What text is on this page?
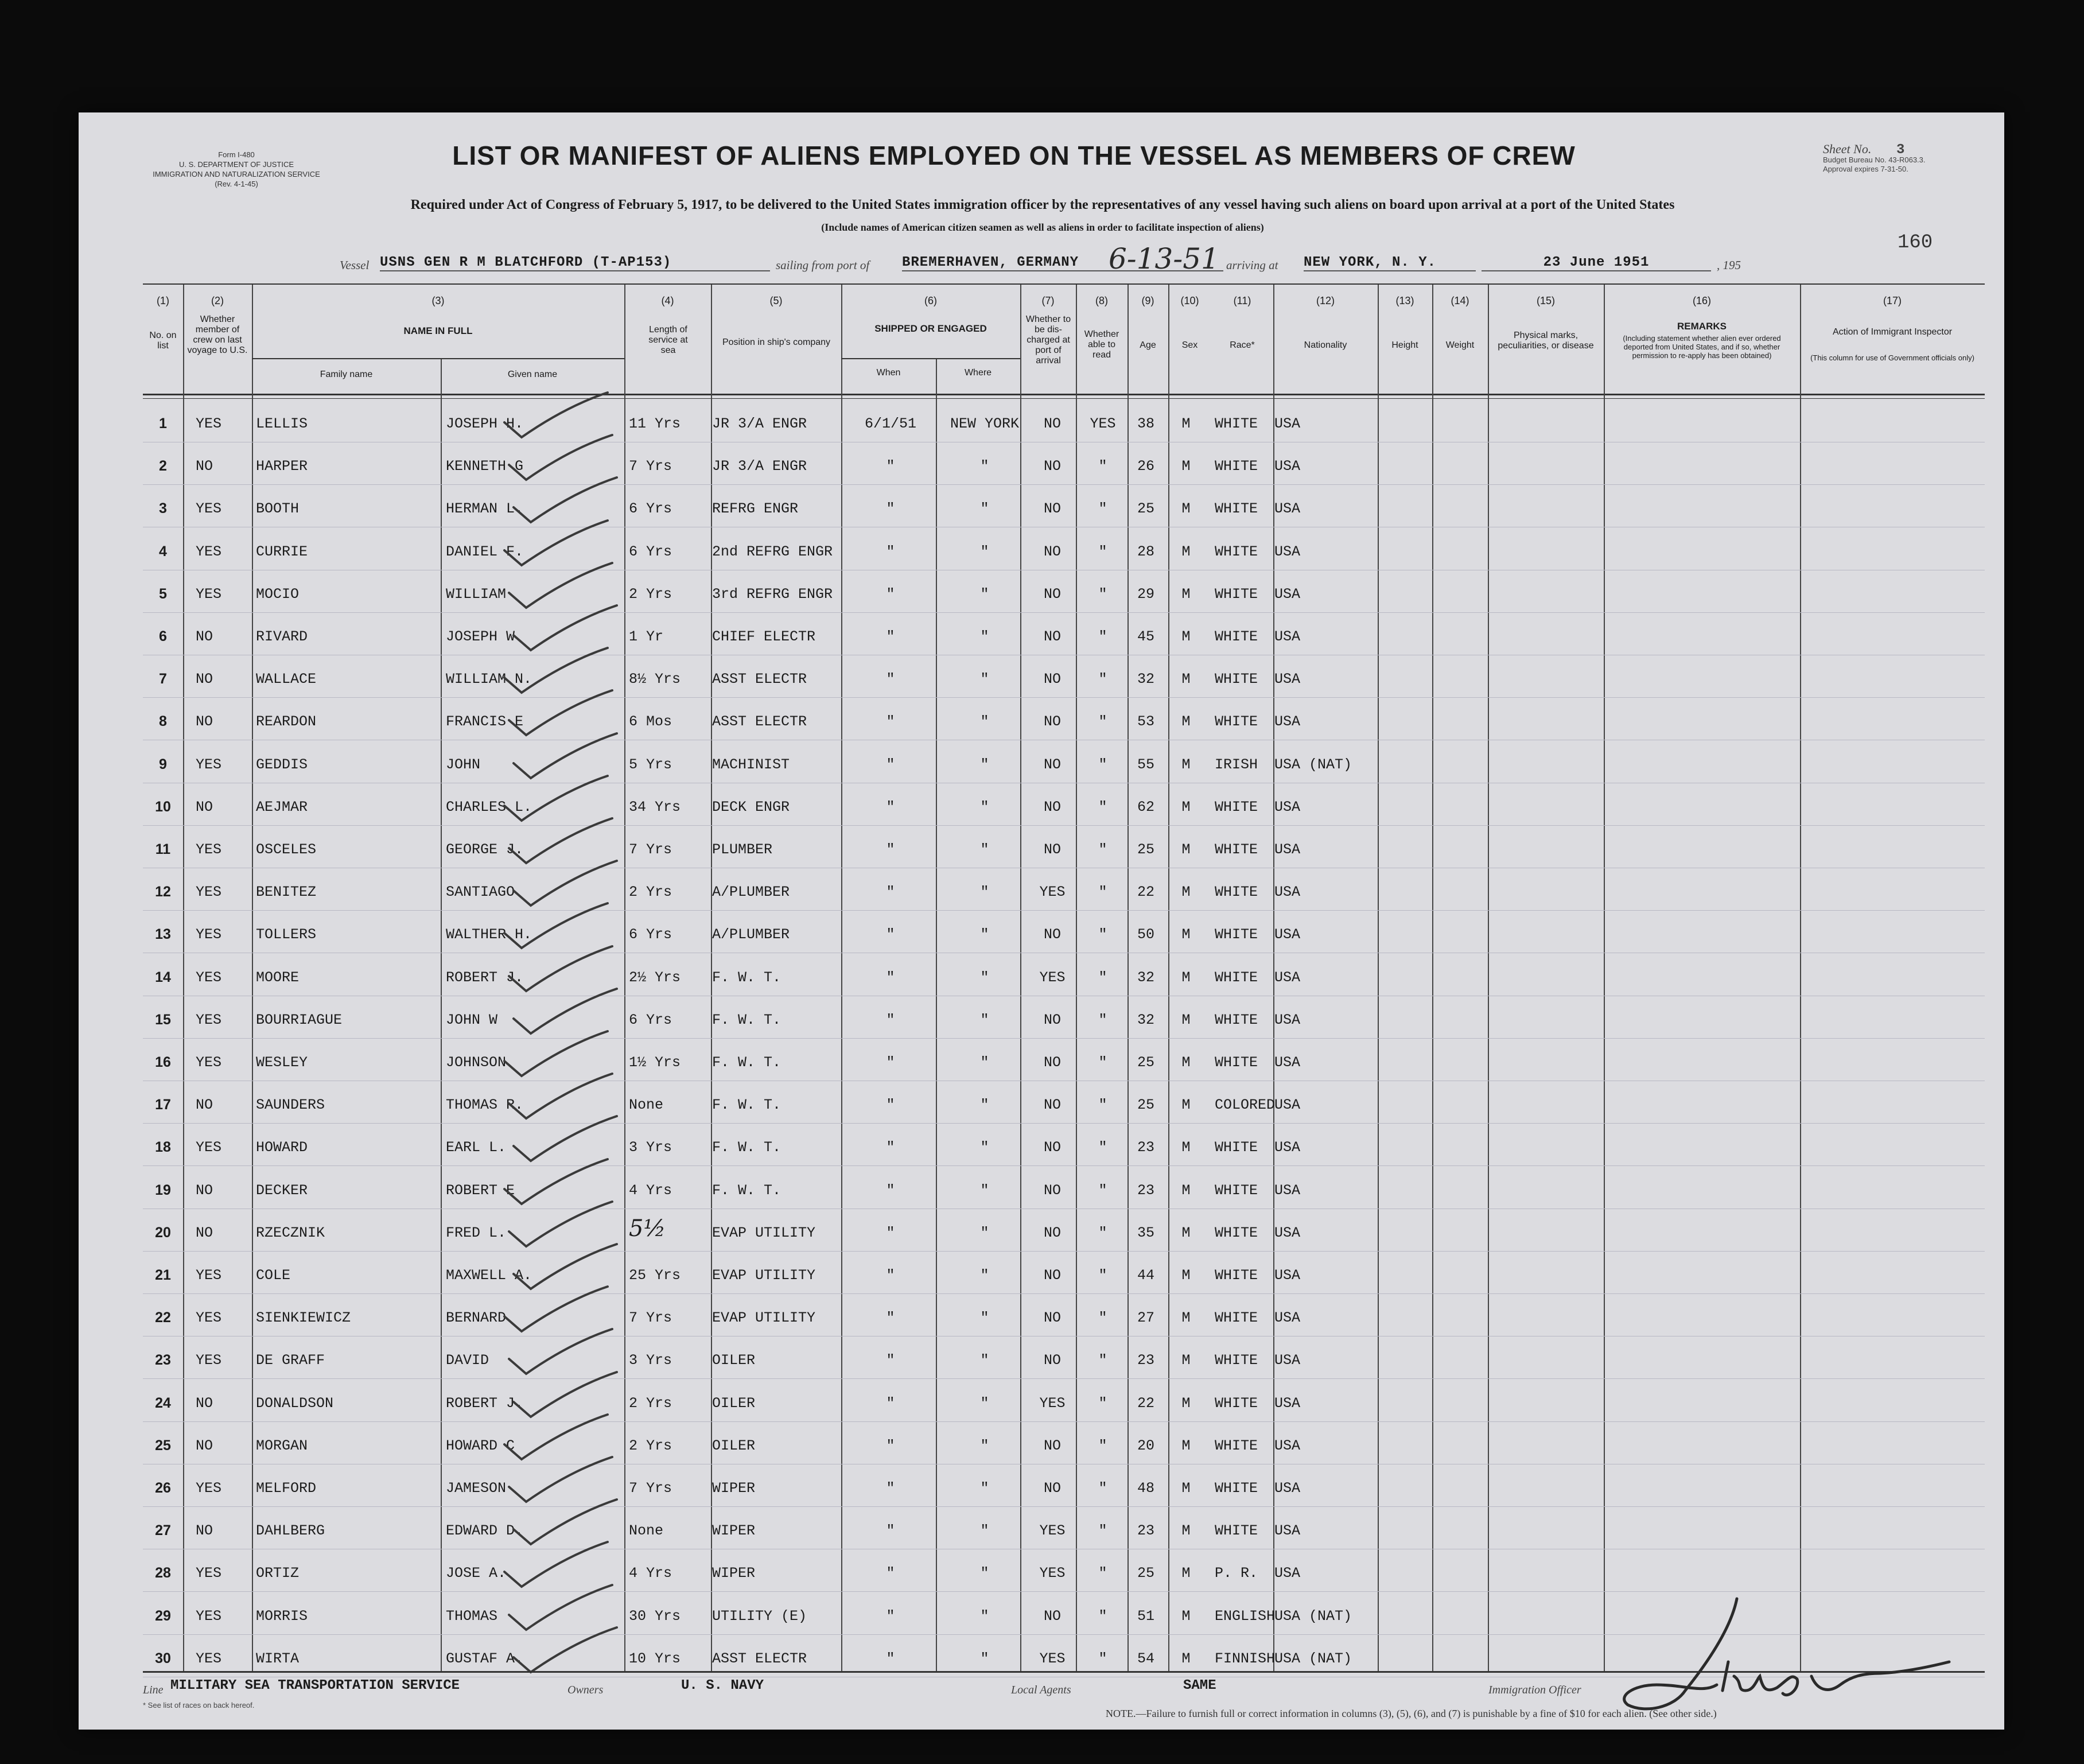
Form I-480
U. S. DEPARTMENT OF JUSTICE
IMMIGRATION AND NATURALIZATION SERVICE
(Rev. 4-1-45)
Sheet No. 3
Budget Bureau No. 43-R063.3.
Approval expires 7-31-50.
LIST OR MANIFEST OF ALIENS EMPLOYED ON THE VESSEL AS MEMBERS OF CREW
Required under Act of Congress of February 5, 1917, to be delivered to the United States immigration officer by the representatives of any vessel having such aliens on board upon arrival at a port of the United States
(Include names of American citizen seamen as well as aliens in order to facilitate inspection of aliens)
160
Vessel USNS GEN R M BLATCHFORD (T-AP153)	sailing from port of BREMERHAVEN, GERMANY	6-13-51 arriving at NEW YORK, N. Y.	23 June 1951	, 195
(1)	(2)	(3)	(4)	(5)	(6)	(7)	(8)	(9)	(10)	(11)	(12)	(13)	(14)	(15)	(16)	(17)
No. on list
Whether member of crew on last voyage to U.S.
NAME IN FULL
Family name	Given name
Length of service at sea
Position in ship's company
SHIPPED OR ENGAGED
When	Where
Whether to be dis-charged at port of arrival
Whether able to read
Age	Sex	Race*	Nationality	Height	Weight
Physical marks, peculiarities, or disease
REMARKS
(Including statement whether alien ever ordered deported from United States, and if so, whether permission to re-apply has been obtained)
Action of Immigrant Inspector
(This column for use of Government officials only)
1	YES LELLIS	JOSEPH H.	11 Yrs JR 3/A ENGR	6/1/51	NEW YORK	NO	YES	38	M	WHITE USA
2	NO	HARPER	KENNETH G	7 Yrs	JR 3/A ENGR	"	"	NO	"	26	M	WHITE USA
3	YES BOOTH	HERMAN L.	6 Yrs	REFRG ENGR	"	"	NO	"	25	M	WHITE USA
4	YES CURRIE	DANIEL F.	6 Yrs	2nd REFRG ENGR	"	"	NO	"	28	M	WHITE USA
5	YES MOCIO	WILLIAM	2 Yrs	3rd REFRG ENGR	"	"	NO	"	29	M	WHITE USA
6	NO	RIVARD	JOSEPH W	1 Yr	CHIEF ELECTR	"	"	NO	"	45	M	WHITE USA
7	NO	WALLACE	WILLIAM N.	8½ Yrs ASST ELECTR	"	"	NO	"	32	M	WHITE USA
8	NO	REARDON	FRANCIS E	6 Mos	ASST ELECTR	"	"	NO	"	53	M	WHITE USA
9	YES GEDDIS	JOHN	5 Yrs	MACHINIST	"	"	NO	"	55	M	IRISH USA (NAT)
10	NO	AEJMAR	CHARLES L.	34 Yrs DECK ENGR	"	"	NO	"	62	M	WHITE USA
11	YES OSCELES	GEORGE J.	7 Yrs	PLUMBER	"	"	NO	"	25	M	WHITE USA
12	YES BENITEZ	SANTIAGO	2 Yrs	A/PLUMBER	"	"	YES	"	22	M	WHITE USA
13	YES TOLLERS	WALTHER H.	6 Yrs	A/PLUMBER	"	"	NO	"	50	M	WHITE USA
14	YES MOORE	ROBERT J.	2½ Yrs F. W. T.	"	"	YES	"	32	M	WHITE USA
15	YES BOURRIAGUE	JOHN W	6 Yrs	F. W. T.	"	"	NO	"	32	M	WHITE USA
16	YES WESLEY	JOHNSON	1½ Yrs F. W. T.	"	"	NO	"	25	M	WHITE USA
17	NO	SAUNDERS	THOMAS R.	None	F. W. T.	"	"	NO	"	25	M	COLORED
USA
18	YES HOWARD	EARL L.	3 Yrs	F. W. T.	"	"	NO	"	23	M	WHITE USA
19	NO	DECKER	ROBERT E	4 Yrs	F. W. T.	"	"	NO	"	23	M	WHITE USA
20	NO	RZECZNIK	FRED L.	5½	EVAP UTILITY	"	"	NO	"	35	M	WHITE USA
21	YES COLE	MAXWELL A.	25 Yrs EVAP UTILITY	"	"	NO	"	44	M	WHITE USA
22	YES SIENKIEWICZ	BERNARD	7 Yrs	EVAP UTILITY	"	"	NO	"	27	M	WHITE USA
23	YES DE GRAFF	DAVID	3 Yrs	OILER	"	"	NO	"	23	M	WHITE USA
24	NO	DONALDSON	ROBERT J.	2 Yrs	OILER	"	"	YES	"	22	M	WHITE USA
25	NO	MORGAN	HOWARD C	2 Yrs	OILER	"	"	NO	"	20	M	WHITE USA
26	YES MELFORD	JAMESON	7 Yrs	WIPER	"	"	NO	"	48	M	WHITE USA
27	NO	DAHLBERG	EDWARD D.	None	WIPER	"	"	YES	"	23	M	WHITE USA
28	YES ORTIZ	JOSE A.	4 Yrs	WIPER	"	"	YES	"	25	M	P. R. USA
29	YES MORRIS	THOMAS	30 Yrs UTILITY (E)	"	"	NO	"	51	M	ENGLISH
USA (NAT)
30	YES WIRTA	GUSTAF A.	10 Yrs ASST ELECTR	"	"	YES	"	54	M	FINNISH
USA (NAT)
Line MILITARY SEA TRANSPORTATION SERVICE	Owners	U. S. NAVY	Local Agents	SAME	Immigration Officer
* See list of races on back hereof.
NOTE.—Failure to furnish full or correct information in columns (3), (5), (6), and (7) is punishable by a fine of $10 for each alien. (See other side.)
